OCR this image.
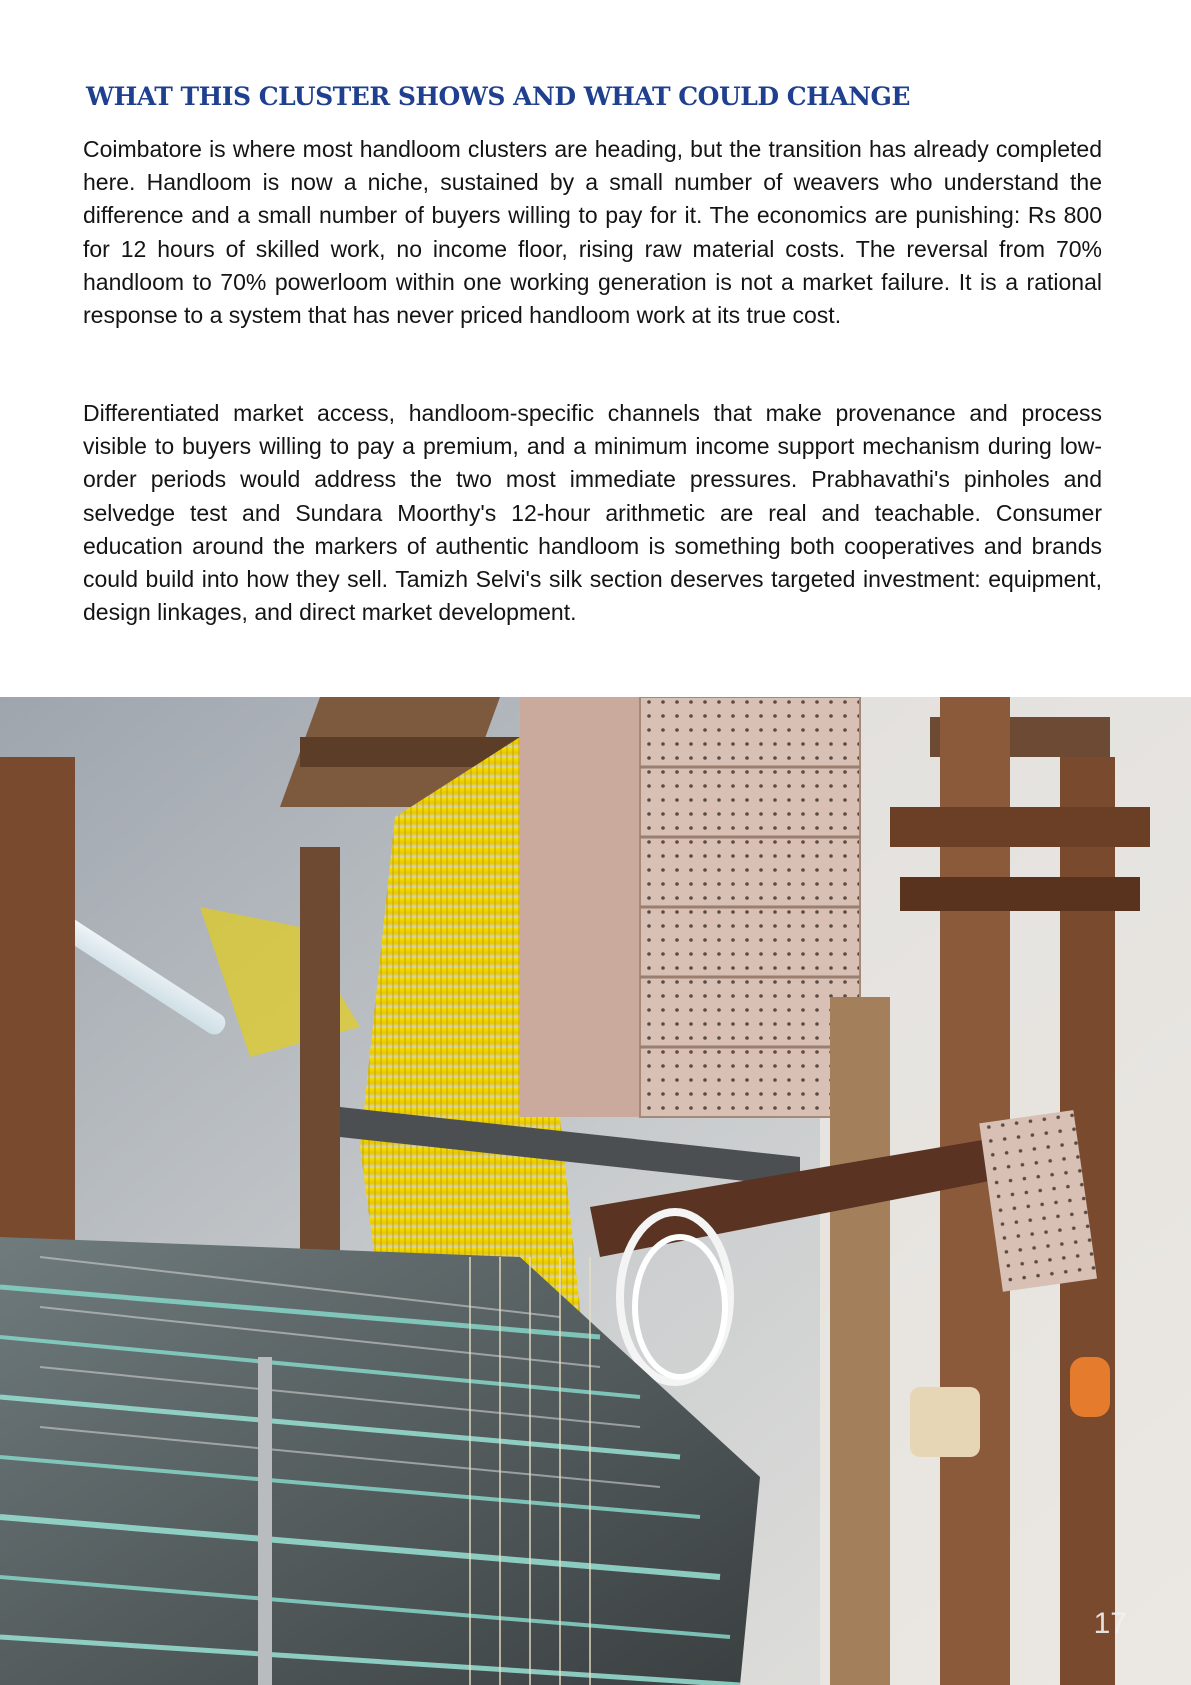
WHAT THIS CLUSTER SHOWS AND WHAT COULD CHANGE

Coimbatore is where most handloom clusters are heading, but the transition has already completed here. Handloom is now a niche, sustained by a small number of weavers who understand the difference and a small number of buyers willing to pay for it. The economics are punishing: Rs 800 for 12 hours of skilled work, no income floor, rising raw material costs. The reversal from 70% handloom to 70% powerloom within one working generation is not a market failure. It is a rational response to a system that has never priced handloom work at its true cost.

Differentiated market access, handloom-specific channels that make provenance and process visible to buyers willing to pay a premium, and a minimum income support mechanism during low-order periods would address the two most immediate pressures. Prabhavathi's pinholes and selvedge test and Sundara Moorthy's 12-hour arithmetic are real and teachable. Consumer education around the markers of authentic handloom is something both cooperatives and brands could build into how they sell. Tamizh Selvi's silk section deserves targeted investment: equipment, design linkages, and direct market development.

17
